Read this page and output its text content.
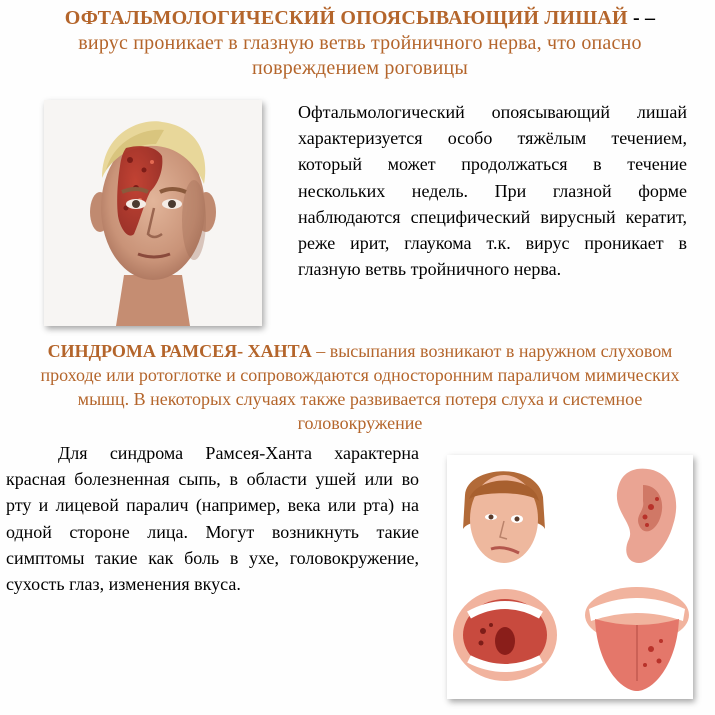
ОФТАЛЬМОЛОГИЧЕСКИЙ ОПОЯСЫВАЮЩИЙ ЛИШАЙ - –
вирус проникает в глазную ветвь тройничного нерва, что опасно повреждением роговицы
Офтальмологический опоясывающий лишай характеризуется особо тяжёлым течением, который может продолжаться в течение нескольких недель. При глазной форме наблюдаются специфический вирусный кератит, реже ирит, глаукома т.к. вирус проникает в глазную ветвь тройничного нерва.
СИНДРОМА РАМСЕЯ- ХАНТА – высыпания возникают в наружном слуховом проходе или ротоглотке и сопровождаются односторонним параличом мимических мышц. В некоторых случаях также развивается потеря слуха и системное головокружение
Для синдрома Рамсея-Ханта характерна красная болезненная сыпь, в области ушей или во рту и лицевой паралич (например, века или рта) на одной стороне лица. Могут возникнуть такие симптомы такие как боль в ухе, головокружение, сухость глаз, изменения вкуса.
